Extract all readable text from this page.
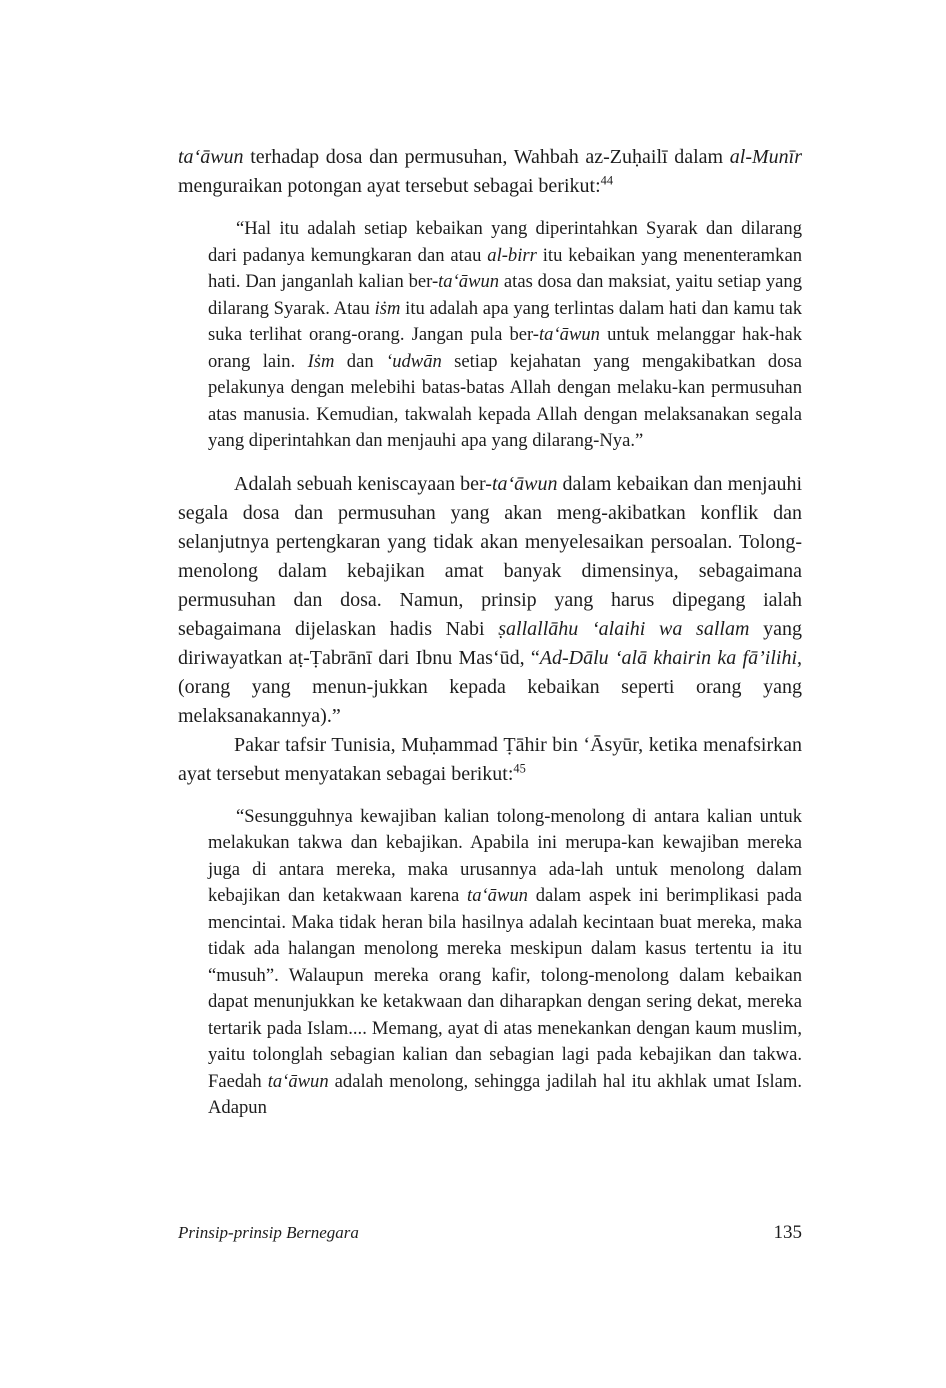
ta‘āwun terhadap dosa dan permusuhan, Wahbah az-Zuḥailī dalam al-Munīr menguraikan potongan ayat tersebut sebagai berikut:$^{44}$

“Hal itu adalah setiap kebaikan yang diperintahkan Syarak dan dilarang dari padanya kemungkaran dan atau al-birr itu kebaikan yang menenteramkan hati. Dan janganlah kalian ber-ta‘āwun atas dosa dan maksiat, yaitu setiap yang dilarang Syarak. Atau iṡm itu adalah apa yang terlintas dalam hati dan kamu tak suka terlihat orang-orang. Jangan pula ber-ta‘āwun untuk melanggar hak-hak orang lain. Iṡm dan ‘udwān setiap kejahatan yang mengakibatkan dosa pelakunya dengan melebihi batas-batas Allah dengan melaku-kan permusuhan atas manusia. Kemudian, takwalah kepada Allah dengan melaksanakan segala yang diperintahkan dan menjauhi apa yang dilarang-Nya.”

Adalah sebuah keniscayaan ber-ta‘āwun dalam kebaikan dan menjauhi segala dosa dan permusuhan yang akan meng-akibatkan konflik dan selanjutnya pertengkaran yang tidak akan menyelesaikan persoalan. Tolong-menolong dalam kebajikan amat banyak dimensinya, sebagaimana permusuhan dan dosa. Namun, prinsip yang harus dipegang ialah sebagaimana dijelaskan hadis Nabi ṣallallāhu ‘alaihi wa sallam yang diriwayatkan aṭ-Ṭabrānī dari Ibnu Mas‘ūd, “Ad-Dālu ‘alā khairin ka fā’ilihi, (orang yang menun-jukkan kepada kebaikan seperti orang yang melaksanakannya).”

Pakar tafsir Tunisia, Muḥammad Ṭāhir bin ‘Āsyūr, ketika menafsirkan ayat tersebut menyatakan sebagai berikut:$^{45}$

“Sesungguhnya kewajiban kalian tolong-menolong di antara kalian untuk melakukan takwa dan kebajikan. Apabila ini merupa-kan kewajiban mereka juga di antara mereka, maka urusannya ada-lah untuk menolong dalam kebajikan dan ketakwaan karena ta‘āwun dalam aspek ini berimplikasi pada mencintai. Maka tidak heran bila hasilnya adalah kecintaan buat mereka, maka tidak ada halangan menolong mereka meskipun dalam kasus tertentu ia itu “musuh”. Walaupun mereka orang kafir, tolong-menolong dalam kebaikan dapat menunjukkan ke ketakwaan dan diharapkan dengan sering dekat, mereka tertarik pada Islam.... Memang, ayat di atas menekankan dengan kaum muslim, yaitu tolonglah sebagian kalian dan sebagian lagi pada kebajikan dan takwa. Faedah ta‘āwun adalah menolong, sehingga jadilah hal itu akhlak umat Islam. Adapun
Prinsip-prinsip Bernegara	135
